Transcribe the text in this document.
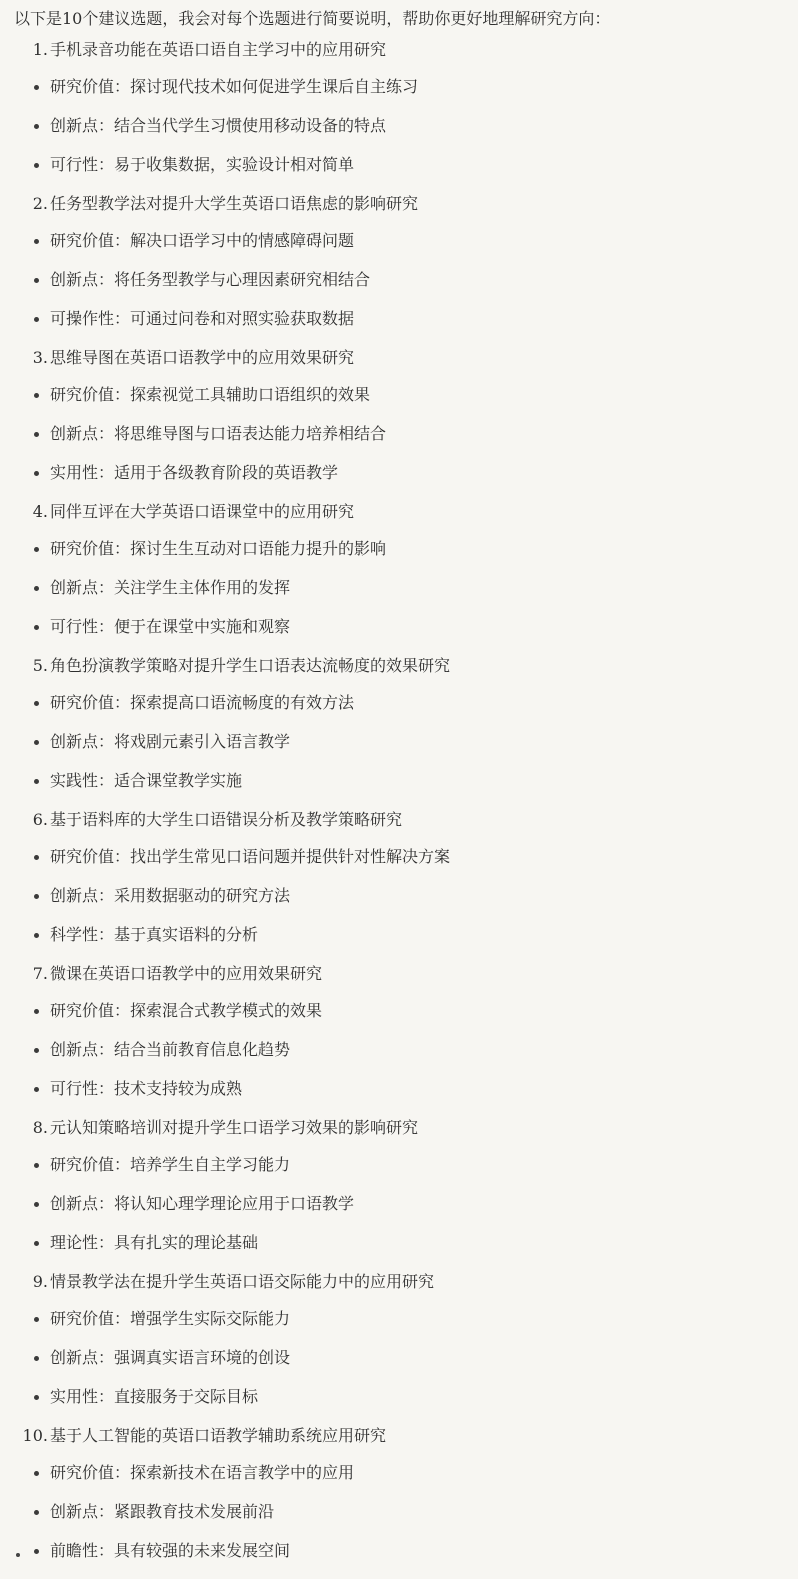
以下是10个建议选题，我会对每个选题进行简要说明，帮助你更好地理解研究方向：
1. 手机录音功能在英语口语自主学习中的应用研究
研究价值：探讨现代技术如何促进学生课后自主练习
创新点：结合当代学生习惯使用移动设备的特点
可行性：易于收集数据，实验设计相对简单
2. 任务型教学法对提升大学生英语口语焦虑的影响研究
研究价值：解决口语学习中的情感障碍问题
创新点：将任务型教学与心理因素研究相结合
可操作性：可通过问卷和对照实验获取数据
3. 思维导图在英语口语教学中的应用效果研究
研究价值：探索视觉工具辅助口语组织的效果
创新点：将思维导图与口语表达能力培养相结合
实用性：适用于各级教育阶段的英语教学
4. 同伴互评在大学英语口语课堂中的应用研究
研究价值：探讨生生互动对口语能力提升的影响
创新点：关注学生主体作用的发挥
可行性：便于在课堂中实施和观察
5. 角色扮演教学策略对提升学生口语表达流畅度的效果研究
研究价值：探索提高口语流畅度的有效方法
创新点：将戏剧元素引入语言教学
实践性：适合课堂教学实施
6. 基于语料库的大学生口语错误分析及教学策略研究
研究价值：找出学生常见口语问题并提供针对性解决方案
创新点：采用数据驱动的研究方法
科学性：基于真实语料的分析
7. 微课在英语口语教学中的应用效果研究
研究价值：探索混合式教学模式的效果
创新点：结合当前教育信息化趋势
可行性：技术支持较为成熟
8. 元认知策略培训对提升学生口语学习效果的影响研究
研究价值：培养学生自主学习能力
创新点：将认知心理学理论应用于口语教学
理论性：具有扎实的理论基础
9. 情景教学法在提升学生英语口语交际能力中的应用研究
研究价值：增强学生实际交际能力
创新点：强调真实语言环境的创设
实用性：直接服务于交际目标
10. 基于人工智能的英语口语教学辅助系统应用研究
研究价值：探索新技术在语言教学中的应用
创新点：紧跟教育技术发展前沿
前瞻性：具有较强的未来发展空间
